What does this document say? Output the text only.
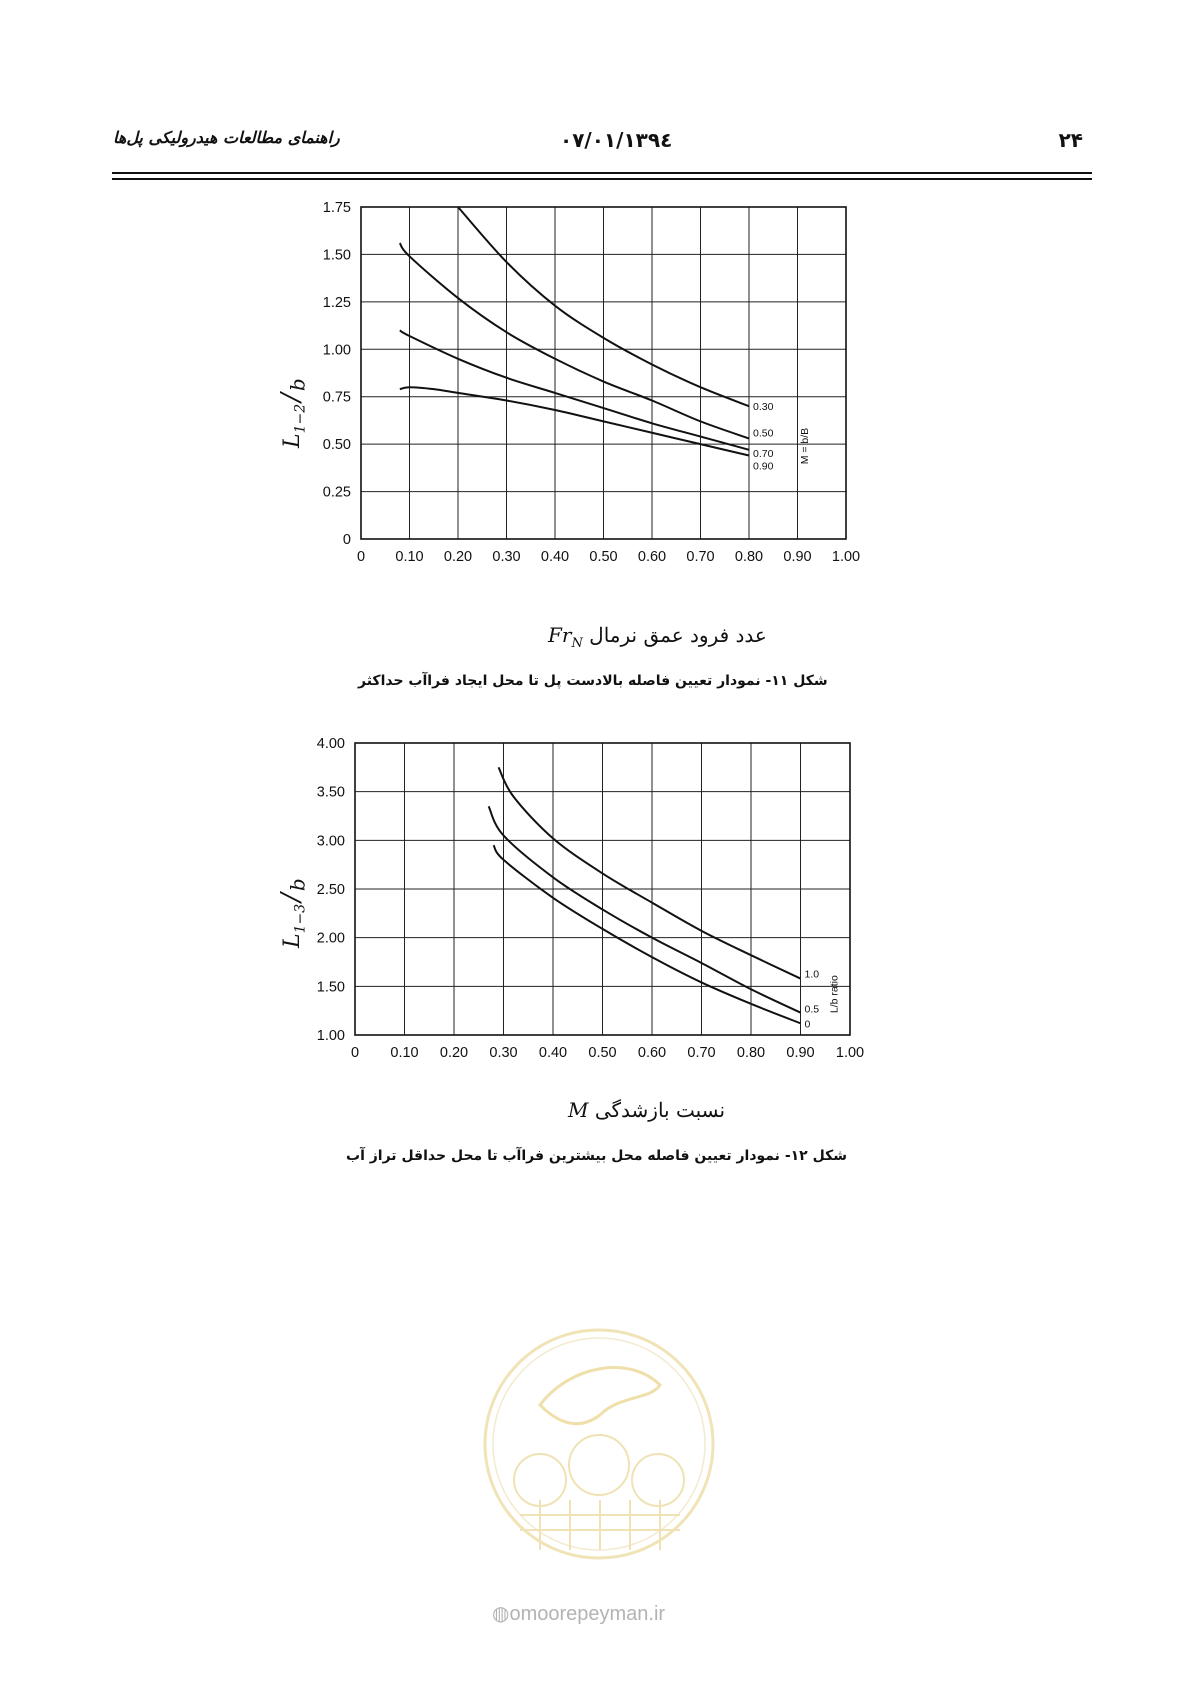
راهنمای مطالعات هیدرولیکی پل‌ها	۱۳۹٤/۰۷/۰۱	۲۴
0 0.10 0.20 0.30 0.40 0.50 0.60 0.70 0.80 0.90 1.00
0
0.25
0.50
0.75
1.00
1.25
1.50
1.75
0.30
0.50
0.70
0.90
M = b/B
$L_{1-2}/_b$
عدد فرود عمق نرمال $Fr_N$
شکل ۱۱- نمودار تعیین فاصله بالادست پل تا محل ایجاد فراآب حداکثر
0 0.10 0.20 0.30 0.40 0.50 0.60 0.70 0.80 0.90 1.00
1.00
1.50
2.00
2.50
3.00
3.50
4.00
1.0
0.5
0
L/b ratio
$L_{1-3}/_b$
نسبت بازشدگی M
شکل ۱۲- نمودار تعیین فاصله محل بیشترین فراآب تا محل حداقل تراز آب
◍omoorepeyman.ir
